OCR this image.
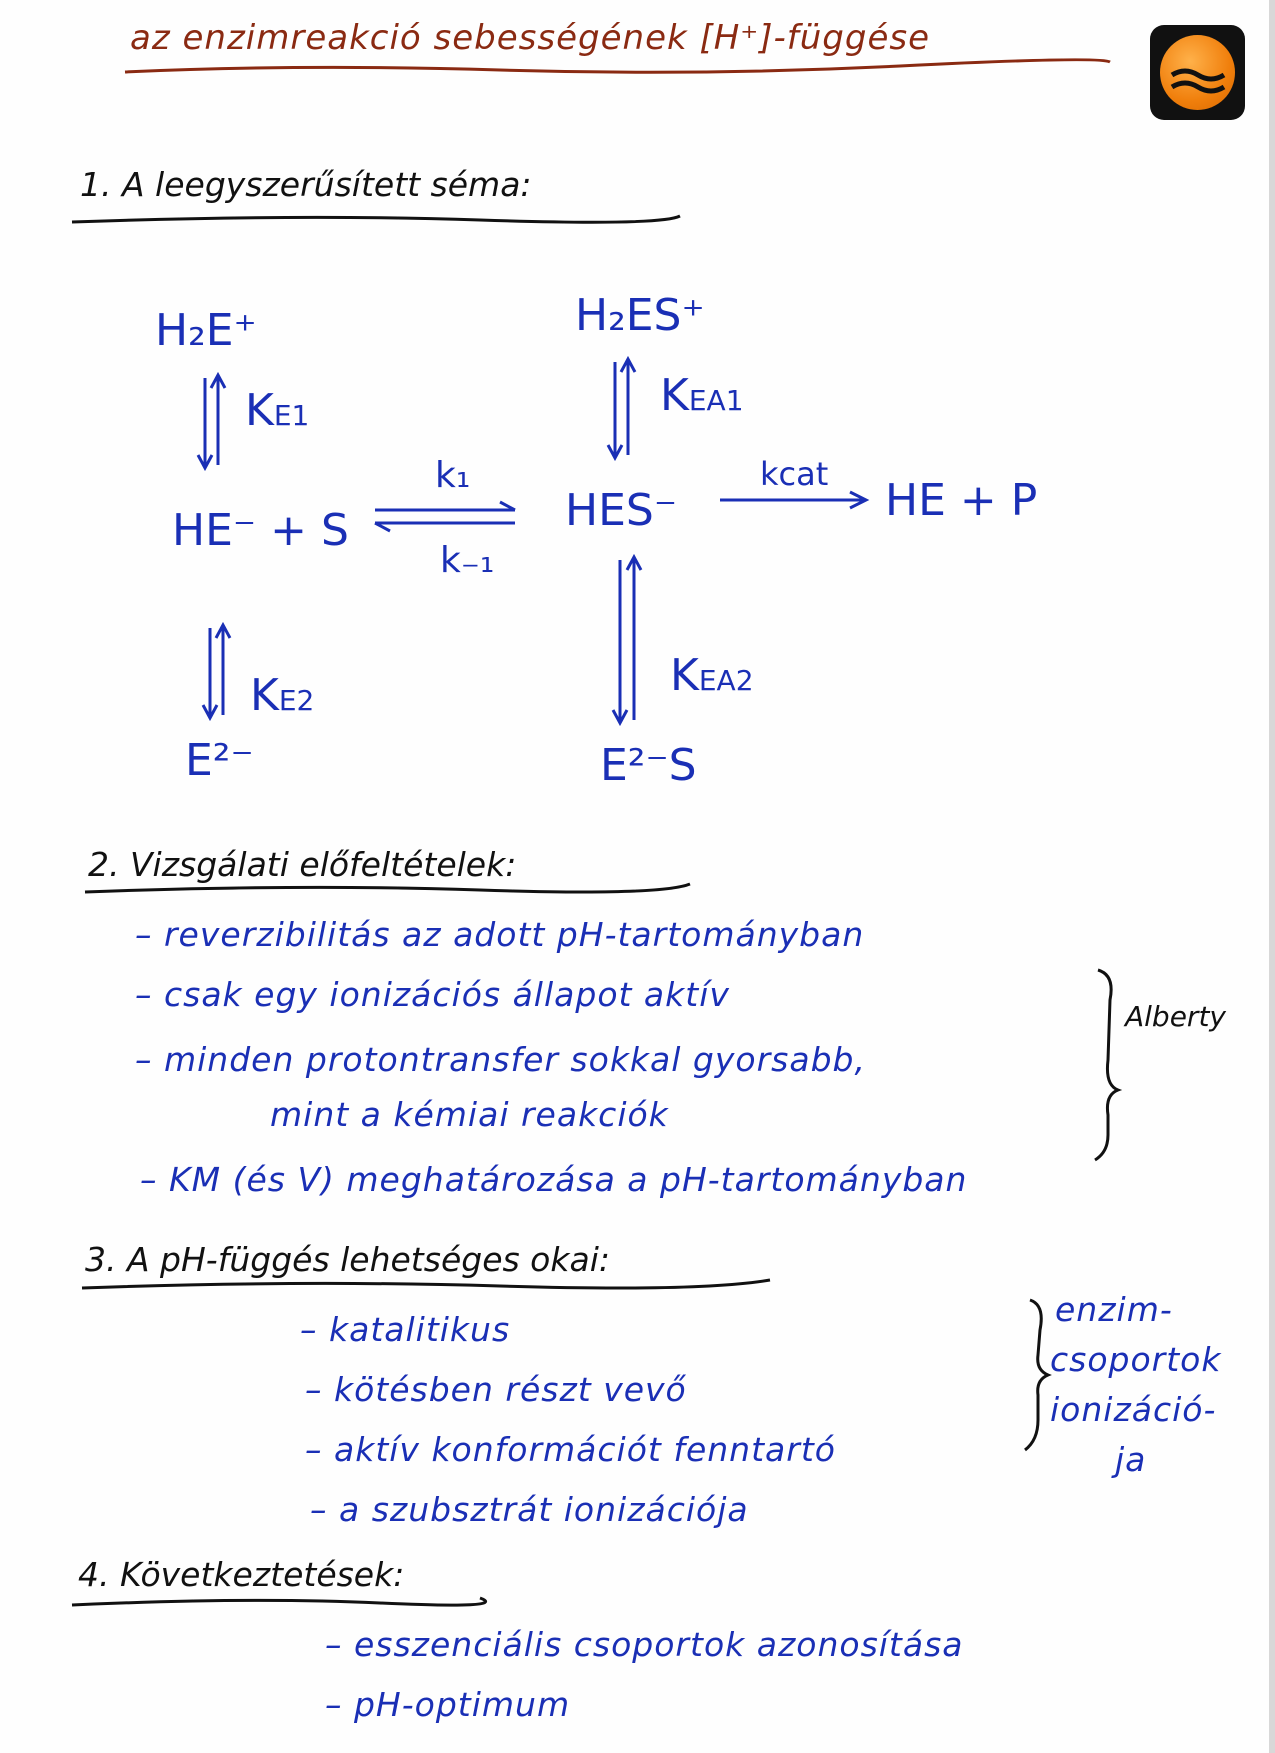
az enzimreakció sebességének [H⁺]-függése
1. A leegyszerűsített séma:
H₂E⁺	H₂ES⁺
KE1	KEA1
HE⁻ + S
k₁
k₋₁
HES⁻
kcat
HE + P
KE2	KEA2
E²⁻	E²⁻S
2. Vizsgálati előfeltételek:
– reverzibilitás az adott pH-tartományban
– csak egy ionizációs állapot aktív
– minden protontransfer sokkal gyorsabb,
mint a kémiai reakciók
– KM (és V) meghatározása a pH-tartományban
Alberty
3. A pH-függés lehetséges okai:
– katalitikus
– kötésben részt vevő
– aktív konformációt fenntartó
– a szubsztrát ionizációja
enzim-
csoportok
ionizáció-
ja
4. Következtetések:
– esszenciális csoportok azonosítása
– pH-optimum
